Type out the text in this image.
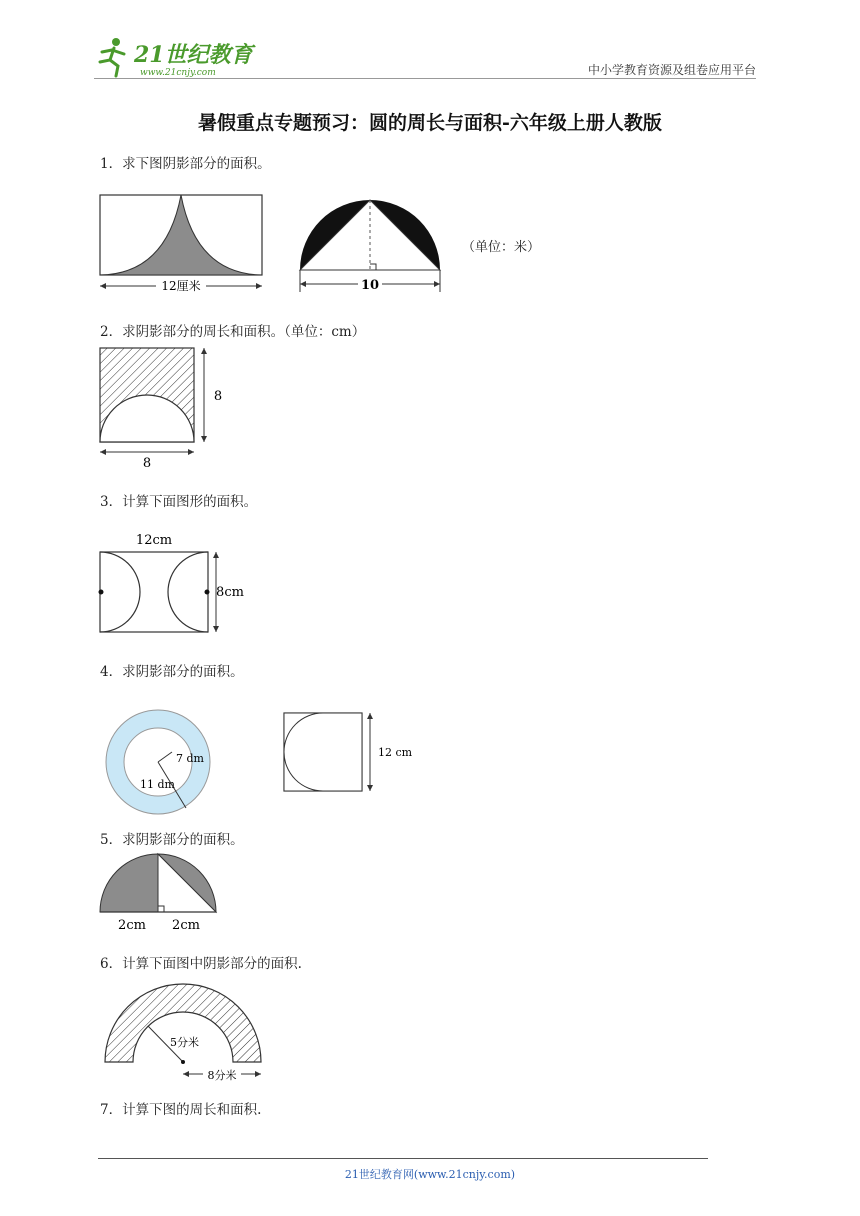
21世纪教育
www.21cnjy.com	中小学教育资源及组卷应用平台
暑假重点专题预习：圆的周长与面积-六年级上册人教版
1．求下图阴影部分的面积。
12厘米	10
（单位：米）
2．求阴影部分的周长和面积。（单位：cm）
8
8
3．计算下面图形的面积。
12cm
8cm
4．求阴影部分的面积。
7 dm
11 dm
12 cm
5．求阴影部分的面积。
2cm 2cm
6．计算下面图中阴影部分的面积.
5分米
8分米
7．计算下图的周长和面积.
21世纪教育网(www.21cnjy.com)
